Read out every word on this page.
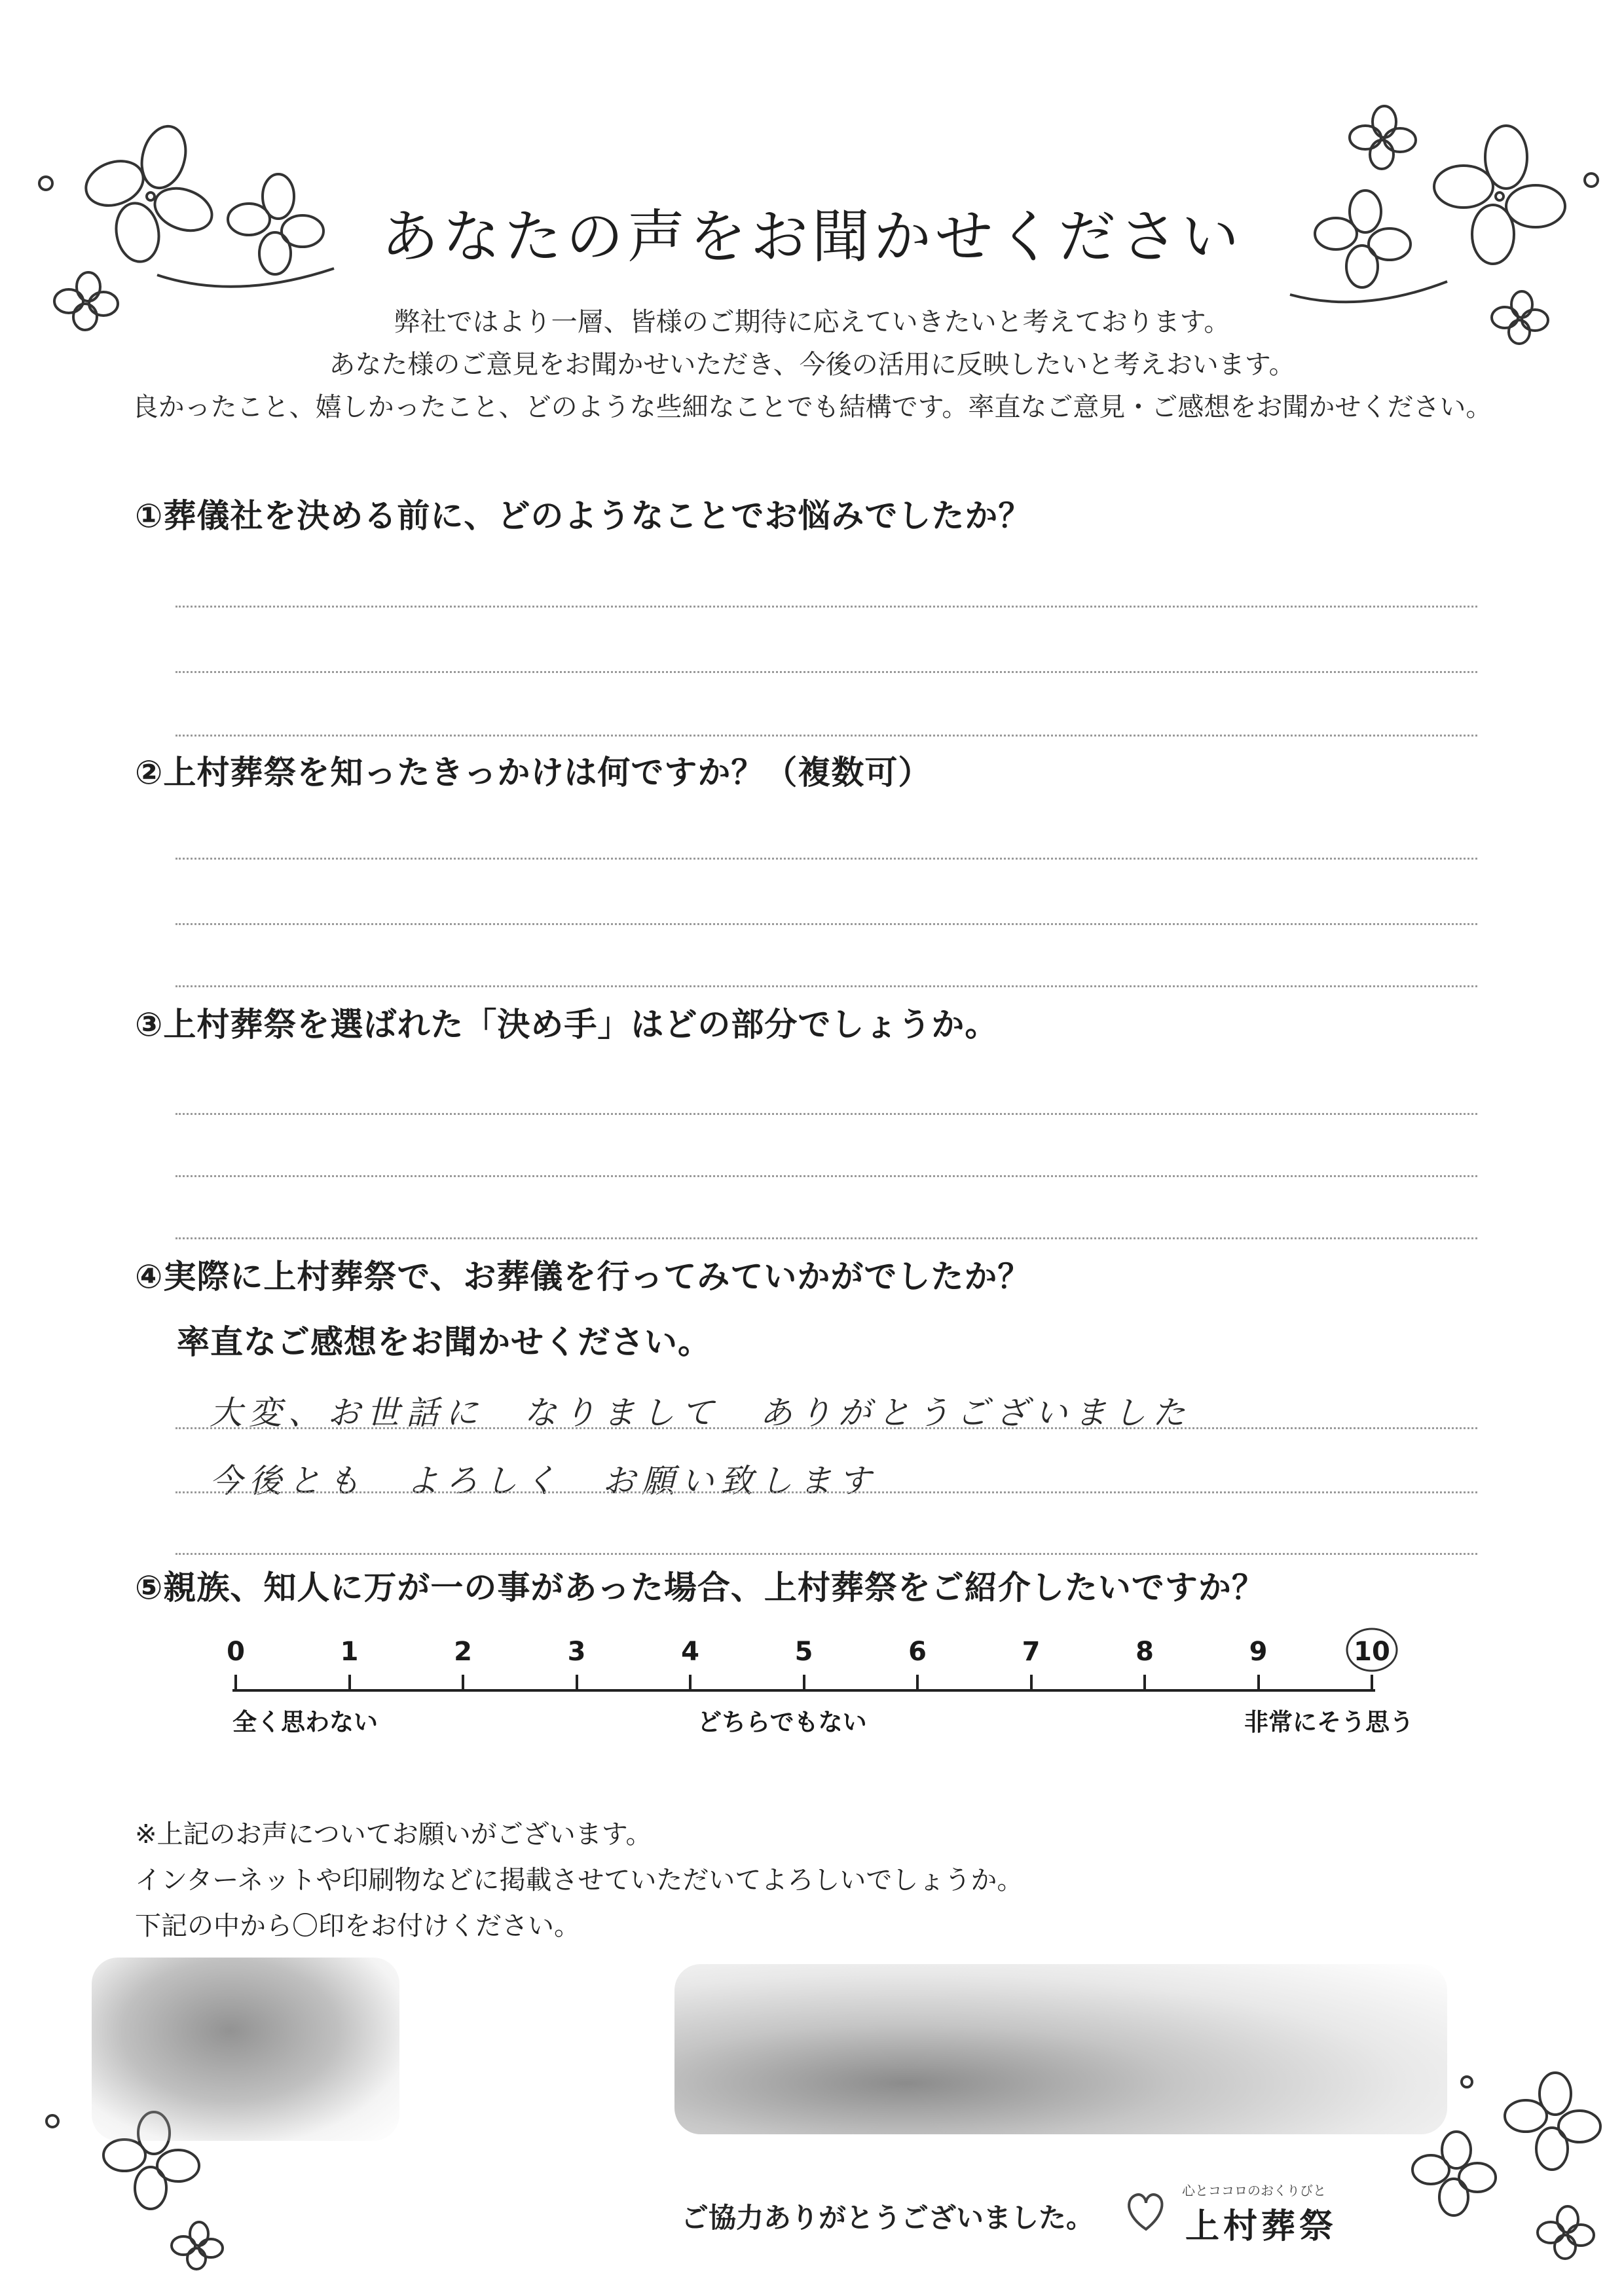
あなたの声をお聞かせください
弊社ではより一層、皆様のご期待に応えていきたいと考えております。
あなた様のご意見をお聞かせいただき、今後の活用に反映したいと考えおいます。
良かったこと、嬉しかったこと、どのような些細なことでも結構です。率直なご意見・ご感想をお聞かせください。
①葬儀社を決める前に、どのようなことでお悩みでしたか？
②上村葬祭を知ったきっかけは何ですか？（複数可）
③上村葬祭を選ばれた「決め手」はどの部分でしょうか。
④実際に上村葬祭で、お葬儀を行ってみていかがでしたか？
率直なご感想をお聞かせください。
大変、お世話に　なりまして　ありがとうございました
今後とも　よろしく　お願い致します
⑤親族、知人に万が一の事があった場合、上村葬祭をご紹介したいですか？
0	1	2	3	4	5	6	7	8	9	10
全く思わない	どちらでもない	非常にそう思う
※上記のお声についてお願いがございます。
インターネットや印刷物などに掲載させていただいてよろしいでしょうか。
下記の中から〇印をお付けください。
ご協力ありがとうございました。
心とココロのおくりびと
上村葬祭
